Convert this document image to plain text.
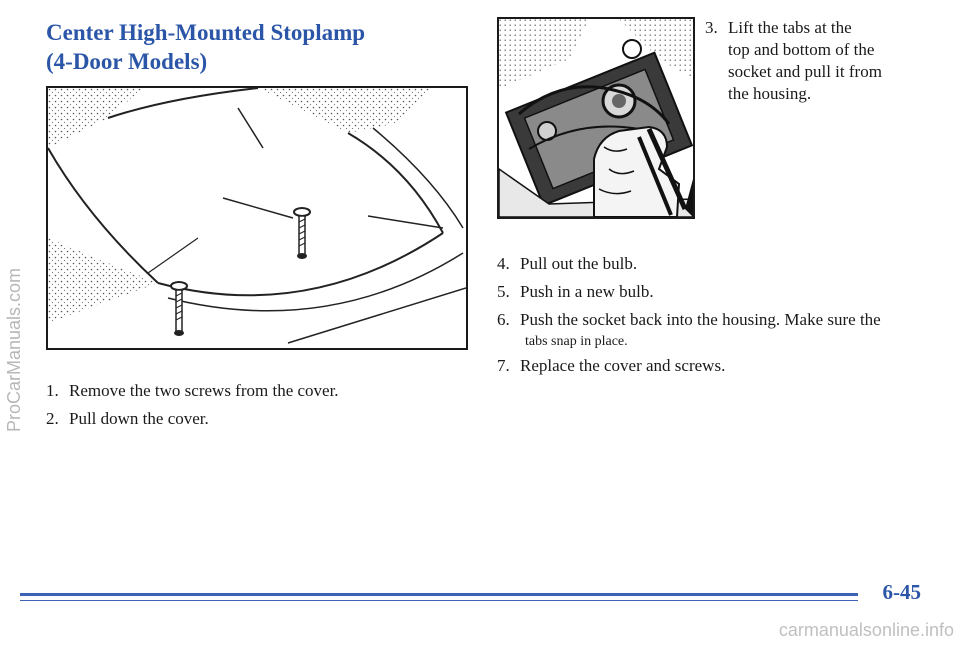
Center High-Mounted Stoplamp
(4-Door Models)
3. Lift the tabs at the
top and bottom of the
socket and pull it from
the housing.
4. Pull out the bulb.
5. Push in a new bulb.
6. Push the socket back into the housing. Make sure the
tabs snap in place.
7. Replace the cover and screws.
1. Remove the two screws from the cover.
2. Pull down the cover.
ProCarManuals.com
6-45
carmanualsonline.info
